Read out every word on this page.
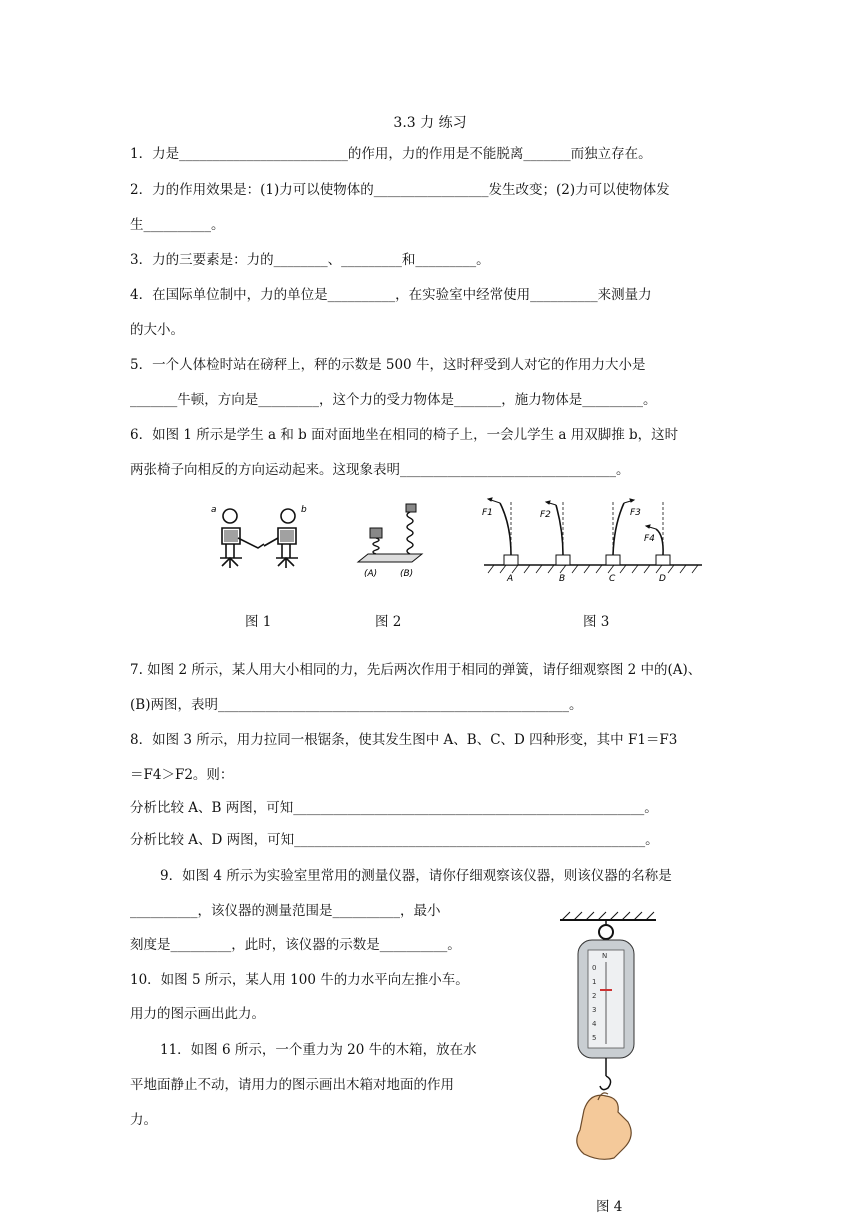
3.3 力 练习
1．力是_________________________的作用，力的作用是不能脱离_______而独立存在。
2．力的作用效果是：(1)力可以使物体的_________________发生改变；(2)力可以使物体发
生__________。
3．力的三要素是：力的________、_________和_________。
4．在国际单位制中，力的单位是__________，在实验室中经常使用__________来测量力
的大小。
5．一个人体检时站在磅秤上，秤的示数是 500 牛，这时秤受到人对它的作用力大小是
_______牛顿，方向是_________，这个力的受力物体是_______，施力物体是_________。
6．如图 1 所示是学生 a 和 b 面对面地坐在相同的椅子上，一会儿学生 a 用双脚推 b，这时
两张椅子向相反的方向运动起来。这现象表明________________________________。
7. 如图 2 所示，某人用大小相同的力，先后两次作用于相同的弹簧，请仔细观察图 2 中的(A)、
(B)两图，表明____________________________________________________。
8．如图 3 所示，用力拉同一根锯条，使其发生图中 A、B、C、D 四种形变，其中 F1＝F3
＝F4＞F2。则：
分析比较 A、B 两图，可知____________________________________________________。
分析比较 A、D 两图，可知____________________________________________________。
9．如图 4 所示为实验室里常用的测量仪器，请你仔细观察该仪器，则该仪器的名称是
__________，该仪器的测量范围是__________，最小
刻度是_________，此时，该仪器的示数是__________。
10．如图 5 所示，某人用 100 牛的力水平向左推小车。
用力的图示画出此力。
11．如图 6 所示，一个重力为 20 牛的木箱，放在水
平地面静止不动，请用力的图示画出木箱对地面的作用
力。
a	b
(A)	(B)
F1	F2	F3
F4
A	B	C	D
图 1	图 2	图 3
N
0
1
2
3
4
5
图 4
